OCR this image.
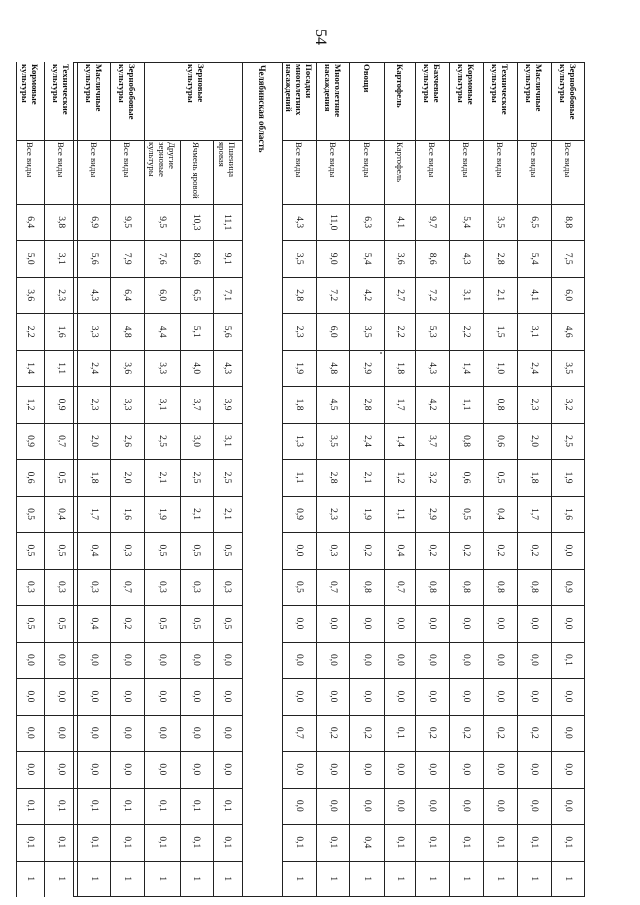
54
Зернобобовые культуры
Все виды
8,8
7,5
6,0
4,6
3,5
3,2
2,5
1,9
1,6
0,0
0,9
0,0
0,1
0,0
0,0
0,0
0,0
0,1
1
Масличные культуры
Все виды
6,5
5,4
4,1
3,1
2,4
2,3
2,0
1,8
1,7
0,2
0,8
0,0
0,0
0,0
0,2
0,0
0,0
0,1
1
Технические культуры
Все виды
3,5
2,8
2,1
1,5
1,0
0,8
0,6
0,5
0,4
0,2
0,8
0,0
0,0
0,0
0,2
0,0
0,0
0,1
1
Кормовые культуры
Все виды
5,4
4,3
3,1
2,2
1,4
1,1
0,8
0,6
0,5
0,2
0,8
0,0
0,0
0,0
0,2
0,0
0,0
0,1
1
Бахчевые культуры
Все виды
9,7
8,6
7,2
5,3
4,3
4,2
3,7
3,2
2,9
0,2
0,8
0,0
0,0
0,0
0,2
0,0
0,0
0,1
1
Картофель
Картофель
4,1
3,6
2,7
2,2
1,8
1,7
1,4
1,2
1,1
0,4
0,7
0,0
0,0
0,0
0,1
0,0
0,0
0,1
1
Овощи
Все виды
6,3
5,4
4,2
3,5
2,9
2,8
2,4
2,1
1,9
0,2
0,8
0,0
0,0
0,0
0,2
0,0
0,0
0,4
1
Многолетние насаждения
Все виды
11,0
9,0
7,2
6,0
4,8
4,5
3,5
2,8
2,3
0,3
0,7
0,0
0,0
0,0
0,2
0,0
0,0
0,1
1
Посадки многолетних насаждений
Все виды
4,3
3,5
2,8
2,3
1,9
1,8
1,3
1,1
0,9
0,0
0,5
0,0
0,0
0,0
0,7
0,0
0,0
0,1
1
Челябинская область
Пшеница яровая
11,1
9,1
7,1
5,6
4,3
3,9
3,1
2,5
2,1
0,5
0,3
0,5
0,0
0,0
0,0
0,0
0,1
0,1
1
Зерновые культуры
Ячмень яровой
10,3
8,6
6,5
5,1
4,0
3,7
3,0
2,5
2,1
0,5
0,3
0,5
0,0
0,0
0,0
0,0
0,1
0,1
1
Другие зерновые культуры
9,5
7,6
6,0
4,4
3,3
3,1
2,5
2,1
1,9
0,5
0,3
0,5
0,0
0,0
0,0
0,0
0,1
0,1
1
Зернобобовые культуры
Все виды
9,5
7,9
6,4
4,8
3,6
3,3
2,6
2,0
1,6
0,3
0,7
0,2
0,0
0,0
0,0
0,0
0,1
0,1
1
Масличные культуры
Все виды
6,9
5,6
4,3
3,3
2,4
2,3
2,0
1,8
1,7
0,4
0,3
0,4
0,0
0,0
0,0
0,0
0,1
0,1
1
Технические культуры
Все виды
3,8
3,1
2,3
1,6
1,1
0,9
0,7
0,5
0,4
0,5
0,3
0,5
0,0
0,0
0,0
0,0
0,1
0,1
1
Кормовые культуры
Все виды
6,4
5,0
3,6
2,2
1,4
1,2
0,9
0,6
0,5
0,5
0,3
0,5
0,0
0,0
0,0
0,0
0,1
0,1
1
